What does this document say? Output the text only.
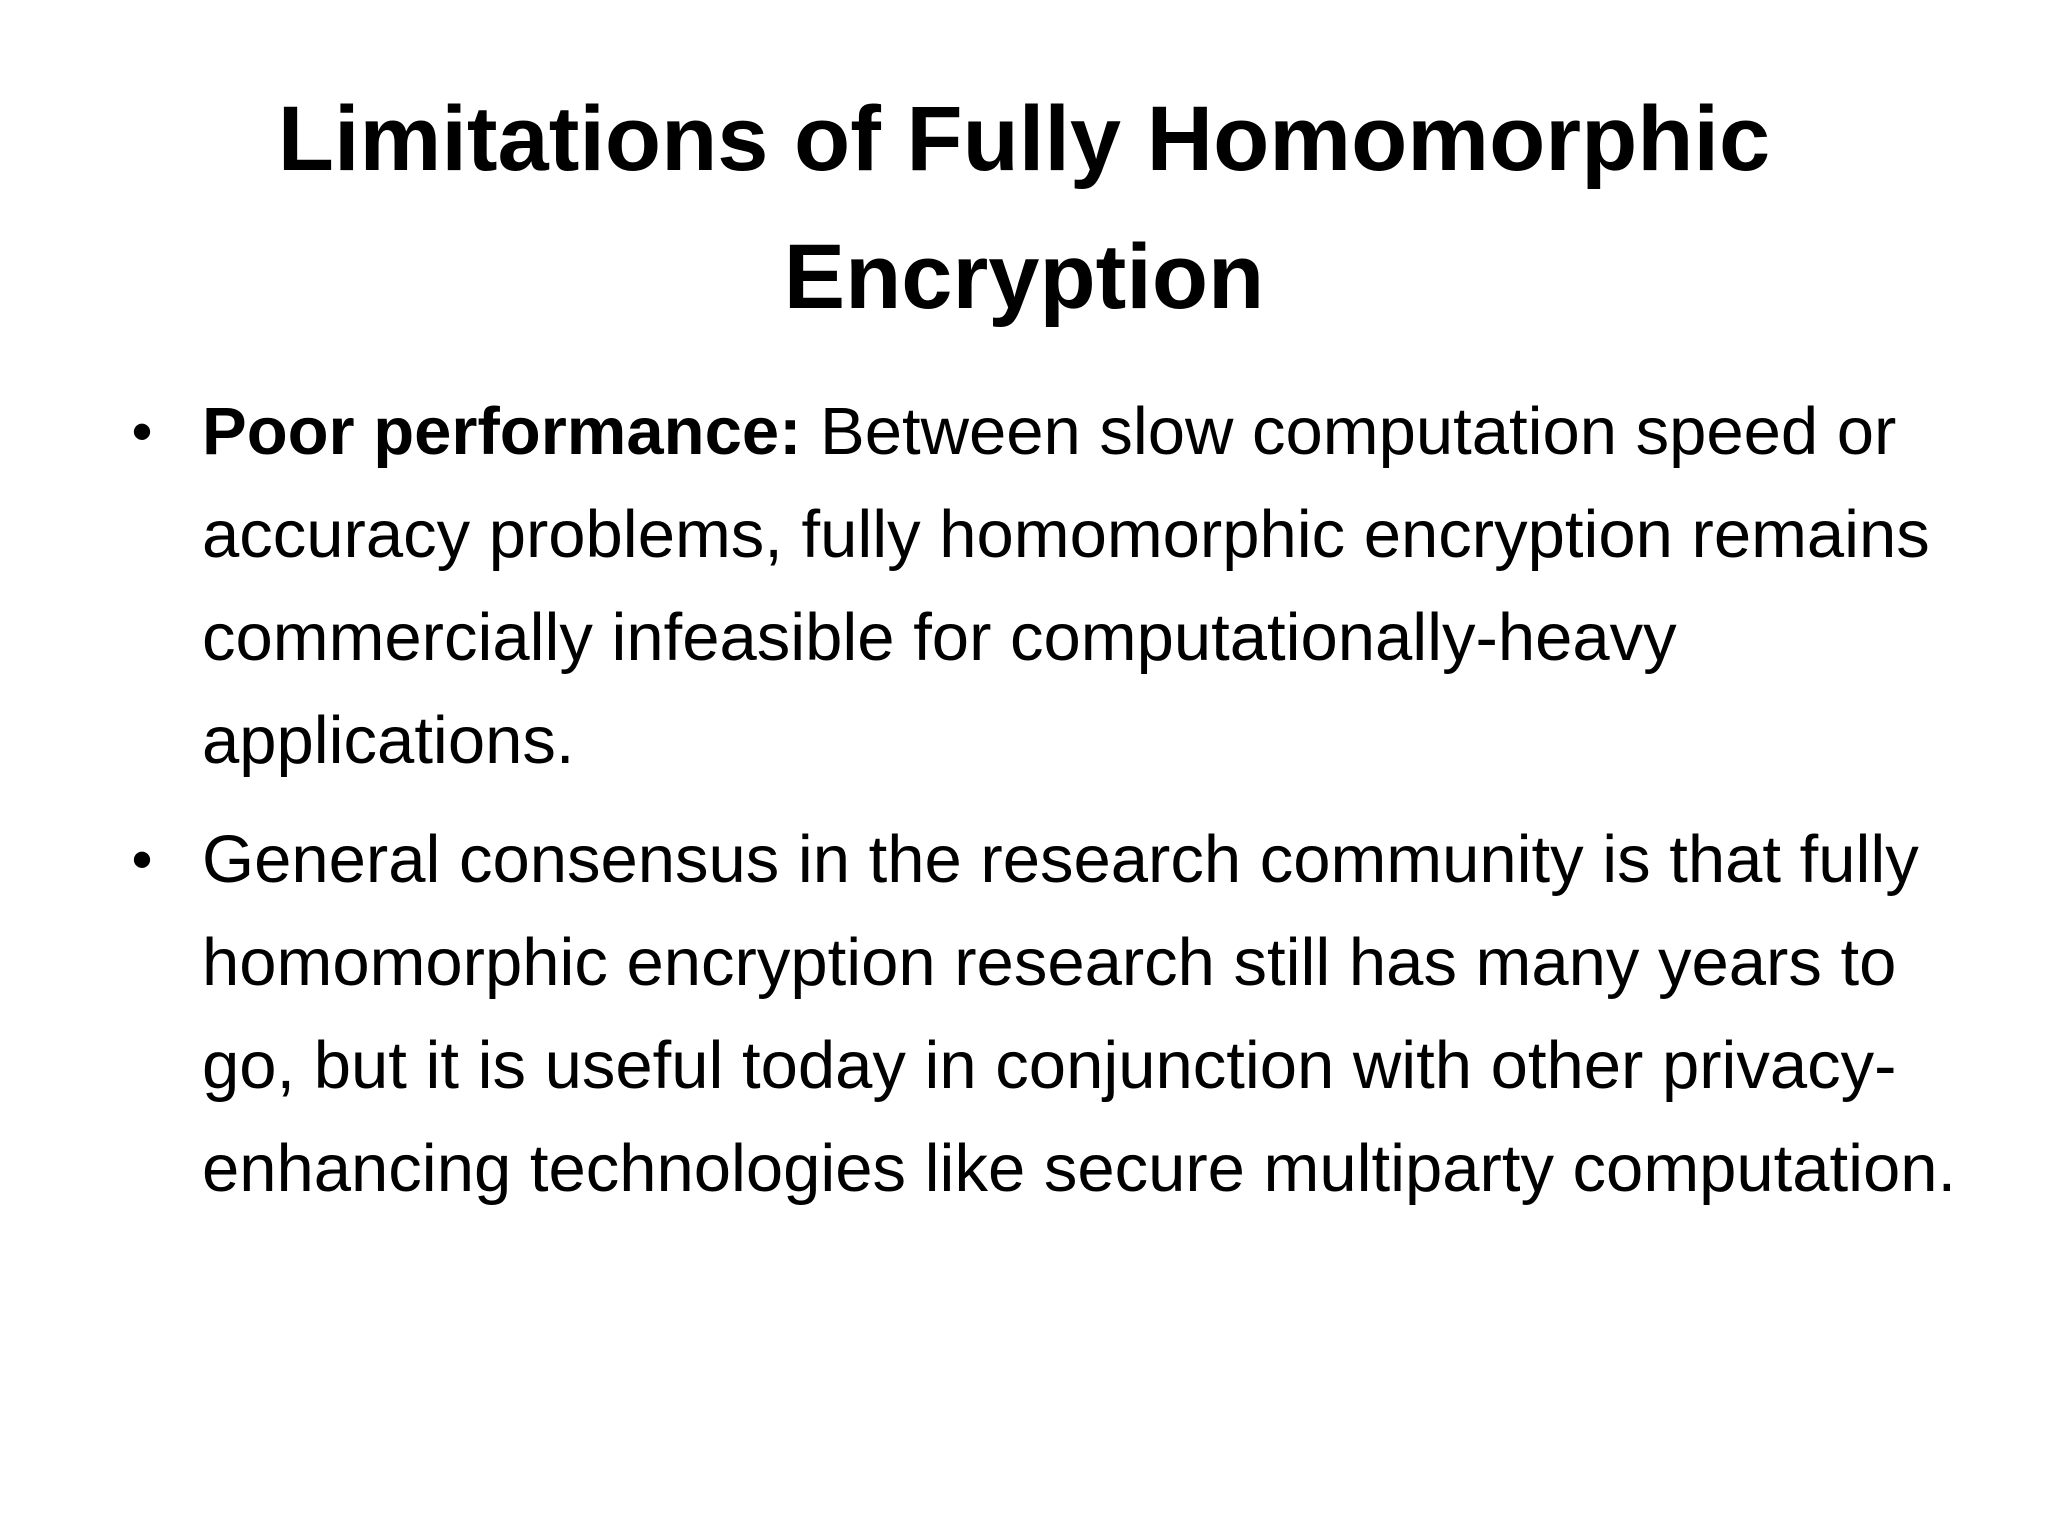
Limitations of Fully Homomorphic Encryption
• Poor performance: Between slow computation speed or accuracy problems, fully homomorphic encryption remains commercially infeasible for computationally-heavy applications.
• General consensus in the research community is that fully homomorphic encryption research still has many years to go, but it is useful today in conjunction with other privacy-enhancing technologies like secure multiparty computation.
